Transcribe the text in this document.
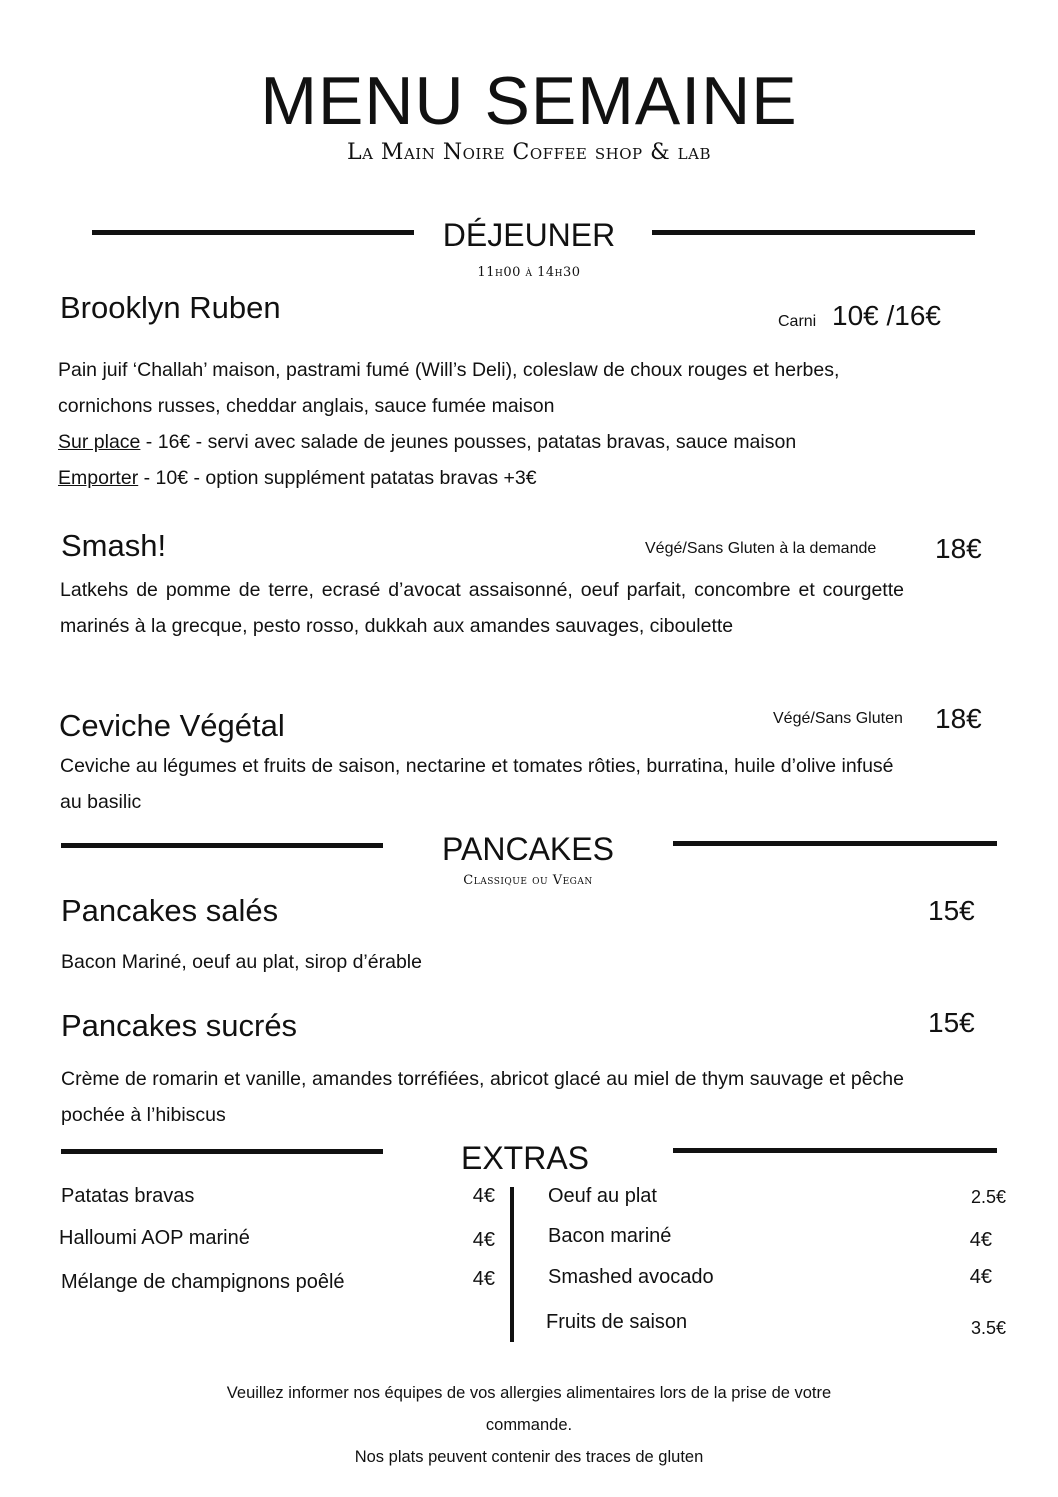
MENU SEMAINE
La Main Noire Coffee shop & lab
DÉJEUNER
11h00 à 14h30
Brooklyn Ruben	Carni 10€ /16€
Pain juif ‘Challah’ maison, pastrami fumé (Will’s Deli), coleslaw de choux rouges et herbes,
cornichons russes, cheddar anglais, sauce fumée maison
Sur place - 16€ - servi avec salade de jeunes pousses, patatas bravas, sauce maison
Emporter - 10€ - option supplément patatas bravas +3€
Smash!	Végé/Sans Gluten à la demande 18€
Latkehs de pomme de terre, ecrasé d’avocat assaisonné, oeuf parfait, concombre et courgette marinés à la grecque, pesto rosso, dukkah aux amandes sauvages, ciboulette
Ceviche Végétal	Végé/Sans Gluten 18€
Ceviche au légumes et fruits de saison, nectarine et tomates rôties, burratina, huile d’olive infusé au basilic
PANCAKES
Classique ou Vegan
Pancakes salés	15€
Bacon Mariné, oeuf au plat, sirop d’érable
Pancakes sucrés	15€
Crème de romarin et vanille, amandes torréfiées, abricot glacé au miel de thym sauvage et pêche pochée à l’hibiscus
EXTRAS
Patatas bravas	4€
Halloumi AOP mariné	4€
Mélange de champignons poêlé	4€
Oeuf au plat	2.5€
Bacon mariné	4€
Smashed avocado	4€
Fruits de saison	3.5€
Veuillez informer nos équipes de vos allergies alimentaires lors de la prise de votre
commande.
Nos plats peuvent contenir des traces de gluten
